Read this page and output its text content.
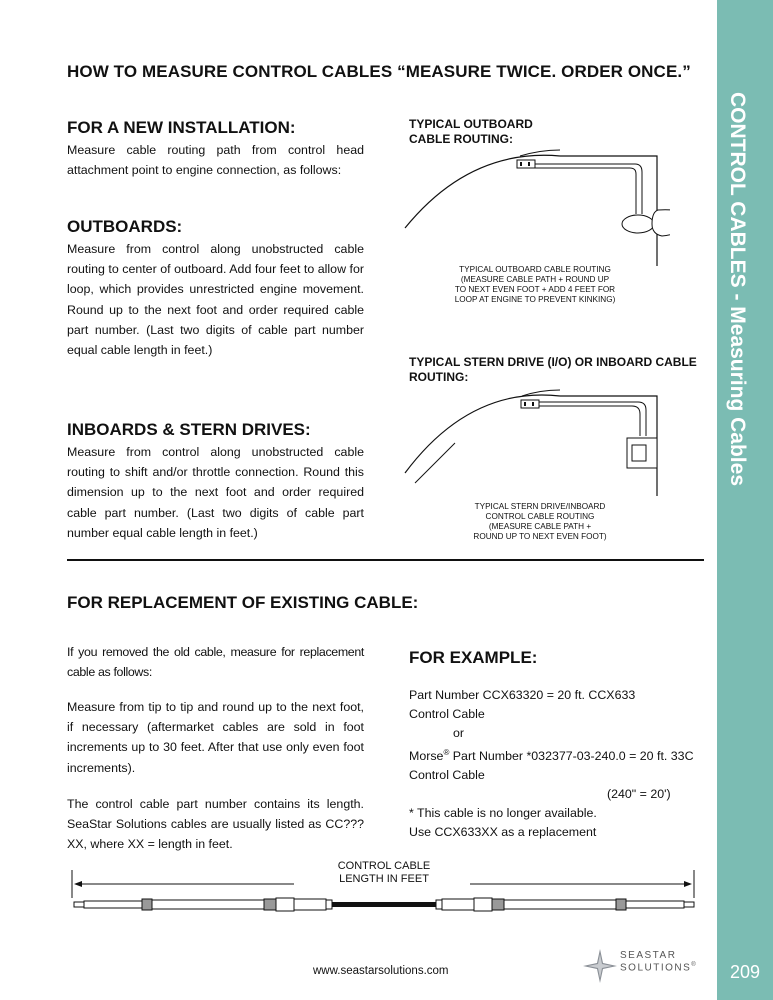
CONTROL CABLES - Measuring Cables
209
HOW TO MEASURE CONTROL CABLES “MEASURE TWICE. ORDER ONCE.”
FOR A NEW INSTALLATION:
Measure cable routing path from control head attachment point to engine connection, as follows:
OUTBOARDS:
Measure from control along unobstructed cable routing to center of outboard. Add four feet to allow for loop, which provides unrestricted engine movement. Round up to the next foot and order required cable part number. (Last two digits of cable part number equal cable length in feet.)
INBOARDS & STERN DRIVES:
Measure from control along unobstructed cable routing to shift and/or throttle connection. Round this dimension up to the next foot and order required cable part number. (Last two digits of cable part number equal cable length in feet.)
TYPICAL OUTBOARD
CABLE ROUTING:
TYPICAL OUTBOARD CABLE ROUTING
(MEASURE CABLE PATH + ROUND UP
TO NEXT EVEN FOOT + ADD 4 FEET FOR
LOOP AT ENGINE TO PREVENT KINKING)
TYPICAL STERN DRIVE (I/O) OR INBOARD CABLE
ROUTING:
TYPICAL STERN DRIVE/INBOARD
CONTROL CABLE ROUTING
(MEASURE CABLE PATH +
ROUND UP TO NEXT EVEN FOOT)
FOR REPLACEMENT OF EXISTING CABLE:
If you removed the old cable, measure for replacement cable as follows:
Measure from tip to tip and round up to the next foot, if necessary (aftermarket cables are sold in foot increments up to 30 feet. After that use only even foot increments).
The control cable part number contains its length. SeaStar Solutions cables are usually listed as CC???XX, where XX = length in feet.
FOR EXAMPLE:
Part Number CCX63320 = 20 ft. CCX633
Control Cable
or
Morse® Part Number *032377-03-240.0 = 20 ft. 33C
Control Cable
(240" = 20')
* This cable is no longer available.
Use CCX633XX as a replacement
CONTROL CABLE
LENGTH IN FEET
www.seastarsolutions.com
SEASTAR
SOLUTIONS®
